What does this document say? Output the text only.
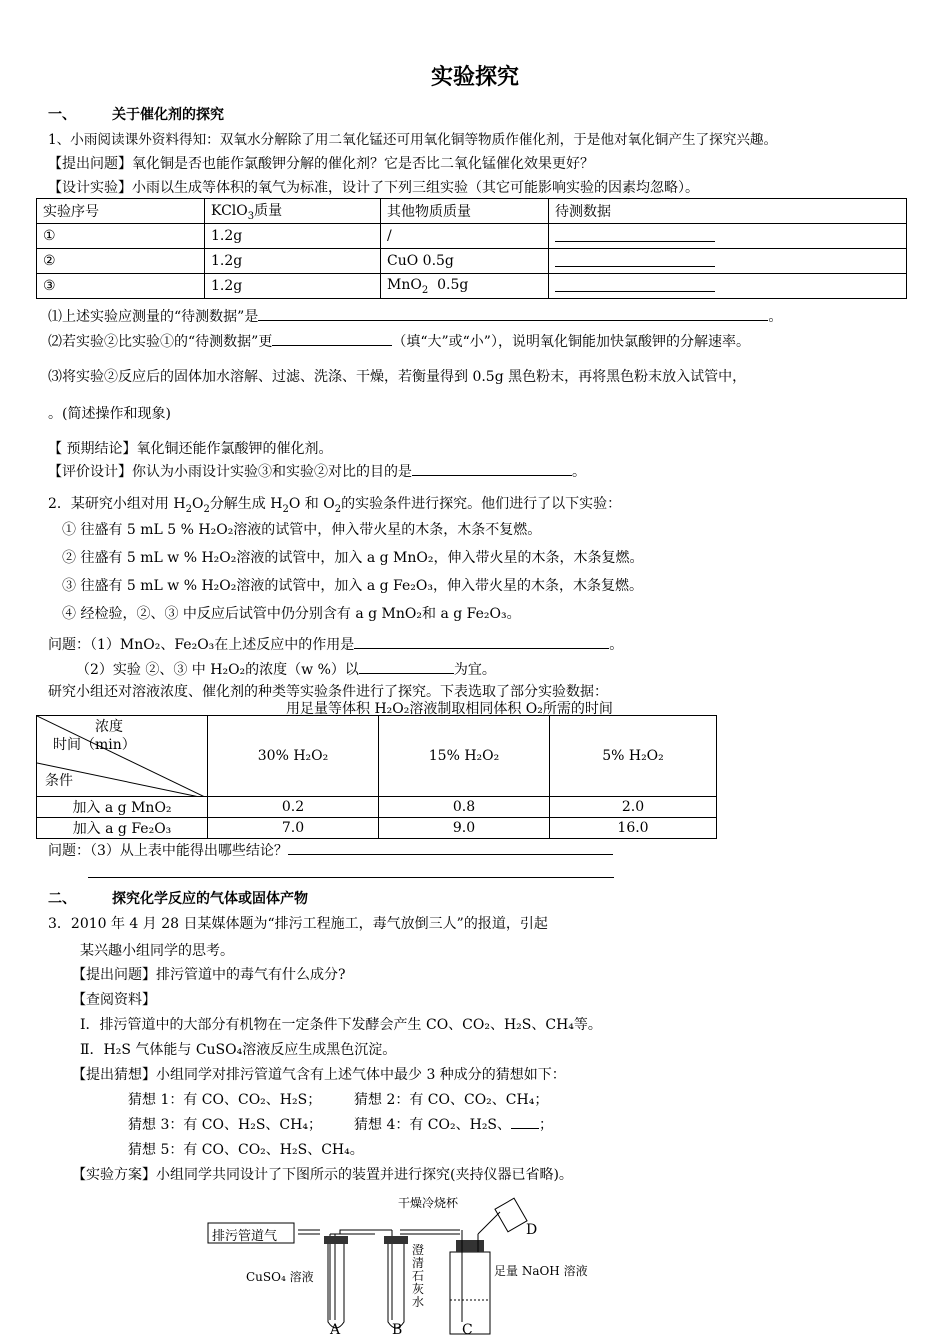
实验探究
一、	关于催化剂的探究
1、小雨阅读课外资料得知：双氧水分解除了用二氧化锰还可用氧化铜等物质作催化剂，于是他对氧化铜产生了探究兴趣。
【提出问题】氧化铜是否也能作氯酸钾分解的催化剂？它是否比二氧化锰催化效果更好？
【设计实验】小雨以生成等体积的氧气为标准，设计了下列三组实验（其它可能影响实验的因素均忽略）。
实验序号	KClO$_3$质量	其他物质质量	待测数据
①	1.2g	/	
②	1.2g	CuO 0.5g	
③	1.2g	MnO$_2$  0.5g	
⑴上述实验应测量的“待测数据”是	。
⑵若实验②比实验①的“待测数据”更	（填“大”或“小”），说明氧化铜能加快氯酸钾的分解速率。
⑶将实验②反应后的固体加水溶解、过滤、洗涤、干燥，若衡量得到 0.5g 黑色粉末，再将黑色粉末放入试管中，
。(简述操作和现象)
【 预期结论】氧化铜还能作氯酸钾的催化剂。
【评价设计】你认为小雨设计实验③和实验②对比的目的是	。
2．某研究小组对用 $H_2O_2$分解生成 $H_2O$ 和 $O_2$的实验条件进行探究。他们进行了以下实验：
① 往盛有 5 mL 5 % H₂O₂溶液的试管中，伸入带火星的木条，木条不复燃。
② 往盛有 5 mL w % H₂O₂溶液的试管中，加入 a g MnO₂，伸入带火星的木条，木条复燃。
③ 往盛有 5 mL w % H₂O₂溶液的试管中，加入 a g Fe₂O₃，伸入带火星的木条，木条复燃。
④ 经检验，②、③ 中反应后试管中仍分别含有 a g MnO₂和 a g Fe₂O₃。
问题：（1）MnO₂、Fe₂O₃在上述反应中的作用是	。
（2）实验 ②、③ 中 H₂O₂的浓度（w %）以	为宜。
研究小组还对溶液浓度、催化剂的种类等实验条件进行了探究。下表选取了部分实验数据：
用足量等体积 H₂O₂溶液制取相同体积 O₂所需的时间
浓度
时间（min）
条件	30% H₂O₂	15% H₂O₂	5% H₂O₂
加入 a g MnO₂	0.2	0.8	2.0
加入 a g Fe₂O₃	7.0	9.0	16.0
问题：（3）从上表中能得出哪些结论？
二、	探究化学反应的气体或固体产物
3．2010 年 4 月 28 日某媒体题为“排污工程施工，毒气放倒三人”的报道，引起
某兴趣小组同学的思考。
【提出问题】排污管道中的毒气有什么成分?
【查阅资料】
I．排污管道中的大部分有机物在一定条件下发酵会产生 CO、CO₂、H₂S、CH₄等。
Ⅱ．H₂S 气体能与 CuSO₄溶液反应生成黑色沉淀。
【提出猜想】小组同学对排污管道气含有上述气体中最少 3 种成分的猜想如下：
猜想 1：有 CO、CO₂、H₂S； 猜想 2：有 CO、CO₂、CH₄；
猜想 3：有 CO、H₂S、CH₄； 猜想 4：有 CO₂、H₂S、 ；
猜想 5：有 CO、CO₂、H₂S、CH₄。
【实验方案】小组同学共同设计了下图所示的装置并进行探究(夹持仪器已省略)。
排污管道气
干燥冷烧杯
CuSO₄ 溶液
澄
清
石
灰
水
足量 NaOH 溶液
A	B	C
D
